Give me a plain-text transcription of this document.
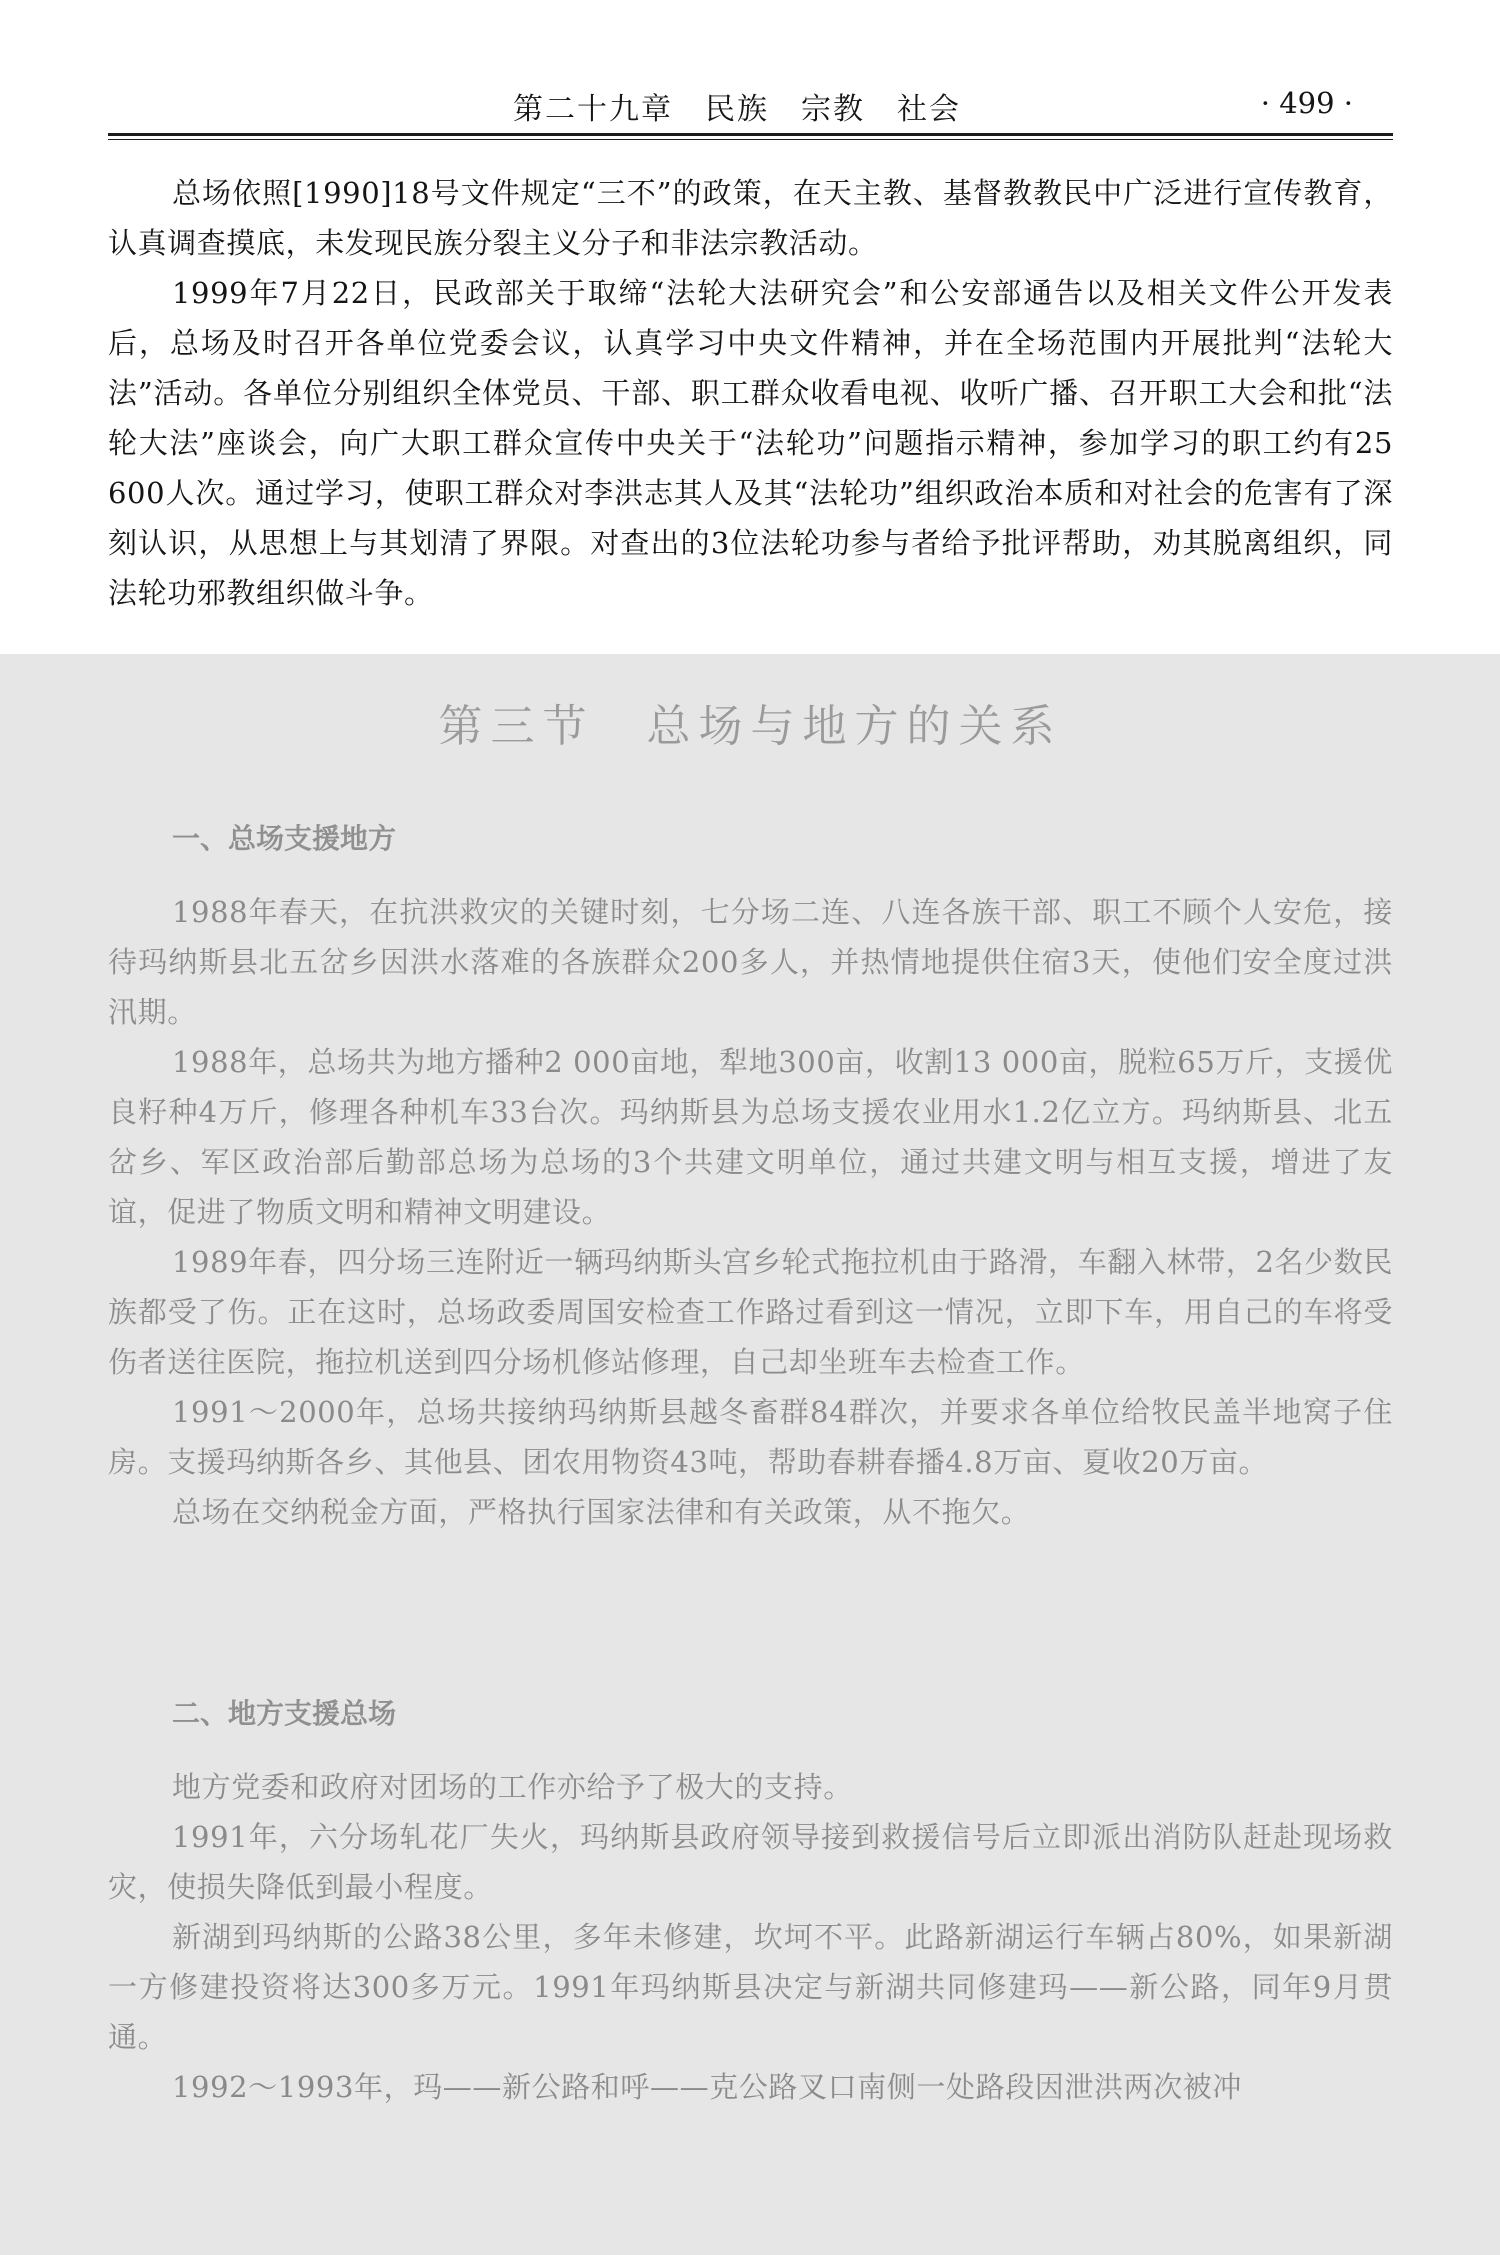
第二十九章　民族　宗教　社会	· 499 ·

总场依照[1990]18号文件规定“三不”的政策，在天主教、基督教教民中广泛进行宣传教育，认真调查摸底，未发现民族分裂主义分子和非法宗教活动。

1999年7月22日，民政部关于取缔“法轮大法研究会”和公安部通告以及相关文件公开发表后，总场及时召开各单位党委会议，认真学习中央文件精神，并在全场范围内开展批判“法轮大法”活动。各单位分别组织全体党员、干部、职工群众收看电视、收听广播、召开职工大会和批“法轮大法”座谈会，向广大职工群众宣传中央关于“法轮功”问题指示精神，参加学习的职工约有25 600人次。通过学习，使职工群众对李洪志其人及其“法轮功”组织政治本质和对社会的危害有了深刻认识，从思想上与其划清了界限。对查出的3位法轮功参与者给予批评帮助，劝其脱离组织，同法轮功邪教组织做斗争。

第三节　总场与地方的关系

一、总场支援地方

1988年春天，在抗洪救灾的关键时刻，七分场二连、八连各族干部、职工不顾个人安危，接待玛纳斯县北五岔乡因洪水落难的各族群众200多人，并热情地提供住宿3天，使他们安全度过洪汛期。

1988年，总场共为地方播种2 000亩地，犁地300亩，收割13 000亩，脱粒65万斤，支援优良籽种4万斤，修理各种机车33台次。玛纳斯县为总场支援农业用水1.2亿立方。玛纳斯县、北五岔乡、军区政治部后勤部总场为总场的3个共建文明单位，通过共建文明与相互支援，增进了友谊，促进了物质文明和精神文明建设。

1989年春，四分场三连附近一辆玛纳斯头宫乡轮式拖拉机由于路滑，车翻入林带，2名少数民族都受了伤。正在这时，总场政委周国安检查工作路过看到这一情况，立即下车，用自己的车将受伤者送往医院，拖拉机送到四分场机修站修理，自己却坐班车去检查工作。

1991～2000年，总场共接纳玛纳斯县越冬畜群84群次，并要求各单位给牧民盖半地窝子住房。支援玛纳斯各乡、其他县、团农用物资43吨，帮助春耕春播4.8万亩、夏收20万亩。

总场在交纳税金方面，严格执行国家法律和有关政策，从不拖欠。

二、地方支援总场

地方党委和政府对团场的工作亦给予了极大的支持。

1991年，六分场轧花厂失火，玛纳斯县政府领导接到救援信号后立即派出消防队赶赴现场救灾，使损失降低到最小程度。

新湖到玛纳斯的公路38公里，多年未修建，坎坷不平。此路新湖运行车辆占80%，如果新湖一方修建投资将达300多万元。1991年玛纳斯县决定与新湖共同修建玛——新公路，同年9月贯通。

1992～1993年，玛——新公路和呼——克公路叉口南侧一处路段因泄洪两次被冲
